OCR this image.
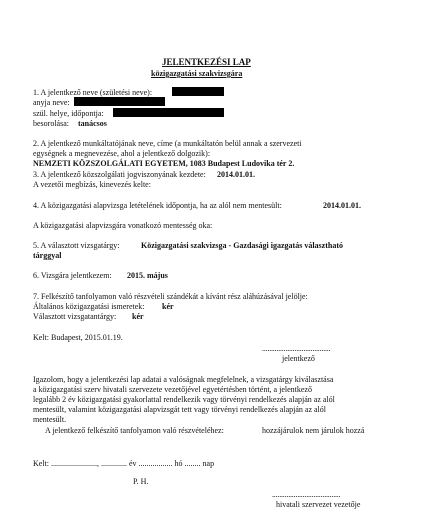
JELENTKEZÉSI LAP
közigazgatási szakvizsgára
1. A jelentkező neve (születési neve):
anyja neve:
szül. helye, időpontja:
besorolása: tanácsos
2. A jelentkező munkáltatójának neve, címe (a munkáltatón belül annak a szervezeti
egységnek a megnevezése, ahol a jelentkező dolgozik):
NEMZETI KÖZSZOLGÁLATI EGYETEM, 1083 Budapest Ludovika tér 2.
3. A jelentkező közszolgálati jogviszonyának kezdete: 2014.01.01.
A vezetői megbízás, kinevezés kelte:
4. A közigazgatási alapvizsga letételének időpontja, ha az alól nem mentesült:	2014.01.01.
A közigazgatási alapvizsgára vonatkozó mentesség oka:
5. A választott vizsgatárgy:	Közigazgatási szakvizsga - Gazdasági igazgatás választható
tárggyal
6. Vizsgára jelentkezem: 2015. május
7. Felkészítő tanfolyamon való részvételi szándékát a kívánt rész aláhúzásával jelölje:
Általános közigazgatási ismeretek: kér
Választott vizsgatantárgy: kér
Kelt: Budapest, 2015.01.19.
......................................
jelentkező
Igazolom, hogy a jelentkezési lap adatai a valóságnak megfelelnek, a vizsgatárgy kiválasztása
a közigazgatási szerv hivatali szervezete vezetőjével egyetértésben történt, a jelentkező
legalább 2 év közigazgatási gyakorlattal rendelkezik vagy törvényi rendelkezés alapján az alól
mentesült, valamint közigazgatási alapvizsgát tett vagy törvényi rendelkezés alapján az alól
mentesült.
A jelentkező felkészítő tanfolyamon való részvételéhez:	hozzájárulok nem járulok hozzá
Kelt: ......................., ............. év ................. hó ........ nap
P. H.
......................................
hivatali szervezet vezetője
